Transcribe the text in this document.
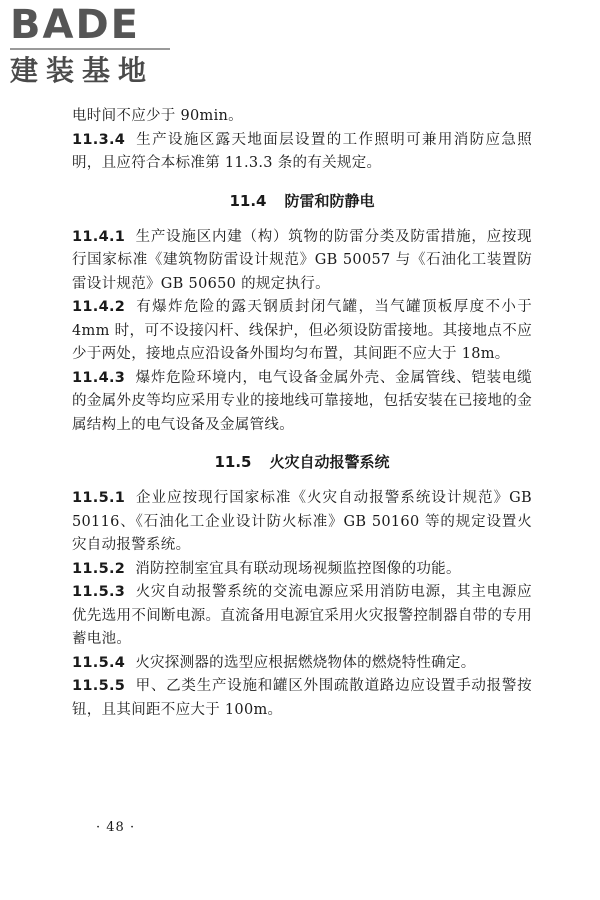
BADE
建装基地

电时间不应少于 90min。

11.3.4 生产设施区露天地面层设置的工作照明可兼用消防应急照明，且应符合本标准第 11.3.3 条的有关规定。

11.4 防雷和防静电

11.4.1 生产设施区内建（构）筑物的防雷分类及防雷措施，应按现行国家标准《建筑物防雷设计规范》GB 50057 与《石油化工装置防雷设计规范》GB 50650 的规定执行。

11.4.2 有爆炸危险的露天钢质封闭气罐，当气罐顶板厚度不小于 4mm 时，可不设接闪杆、线保护，但必须设防雷接地。其接地点不应少于两处，接地点应沿设备外围均匀布置，其间距不应大于 18m。

11.4.3 爆炸危险环境内，电气设备金属外壳、金属管线、铠装电缆的金属外皮等均应采用专业的接地线可靠接地，包括安装在已接地的金属结构上的电气设备及金属管线。

11.5 火灾自动报警系统

11.5.1 企业应按现行国家标准《火灾自动报警系统设计规范》GB 50116、《石油化工企业设计防火标准》GB 50160 等的规定设置火灾自动报警系统。

11.5.2 消防控制室宜具有联动现场视频监控图像的功能。

11.5.3 火灾自动报警系统的交流电源应采用消防电源，其主电源应优先选用不间断电源。直流备用电源宜采用火灾报警控制器自带的专用蓄电池。

11.5.4 火灾探测器的选型应根据燃烧物体的燃烧特性确定。

11.5.5 甲、乙类生产设施和罐区外围疏散道路边应设置手动报警按钮，且其间距不应大于 100m。

· 48 ·
